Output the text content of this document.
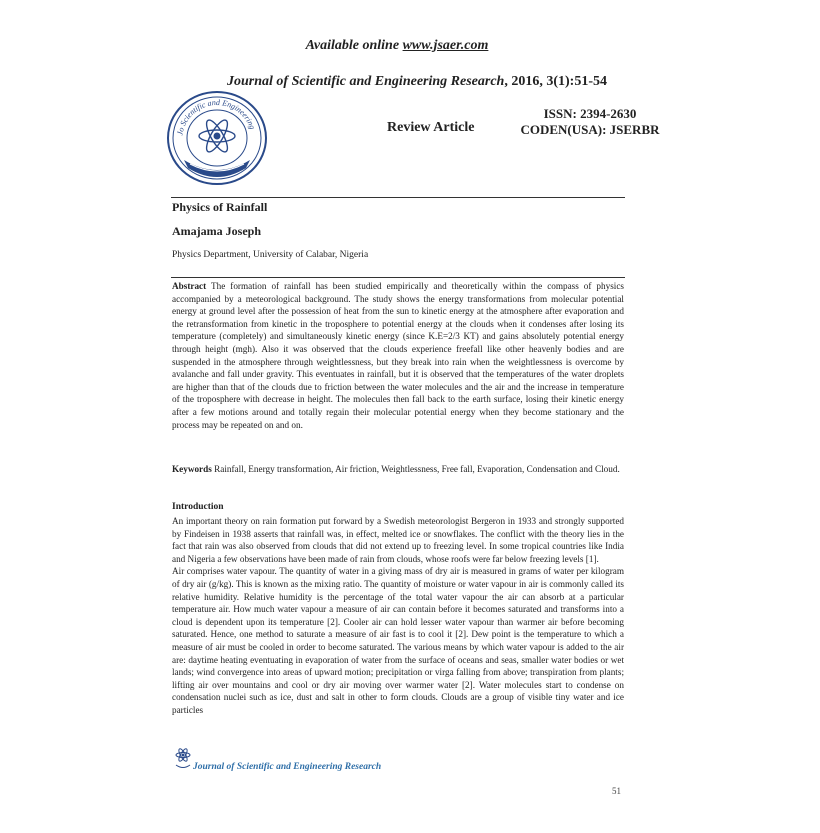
Available online www.jsaer.com
Journal of Scientific and Engineering Research, 2016, 3(1):51-54
Jo Scientific and Engineering	Review Article
ISSN: 2394-2630
CODEN(USA): JSERBR
Physics of Rainfall
Amajama Joseph
Physics Department, University of Calabar, Nigeria
Abstract The formation of rainfall has been studied empirically and theoretically within the compass of physics accompanied by a meteorological background. The study shows the energy transformations from molecular potential energy at ground level after the possession of heat from the sun to kinetic energy at the atmosphere after evaporation and the retransformation from kinetic in the troposphere to potential energy at the clouds when it condenses after losing its temperature (completely) and simultaneously kinetic energy (since K.E=2/3 KT) and gains absolutely potential energy through height (mgh). Also it was observed that the clouds experience freefall like other heavenly bodies and are suspended in the atmosphere through weightlessness, but they break into rain when the weightlessness is overcome by avalanche and fall under gravity. This eventuates in rainfall, but it is observed that the temperatures of the water droplets are higher than that of the clouds due to friction between the water molecules and the air and the increase in temperature of the troposphere with decrease in height. The molecules then fall back to the earth surface, losing their kinetic energy after a few motions around and totally regain their molecular potential energy when they become stationary and the process may be repeated on and on.
Keywords Rainfall, Energy transformation, Air friction, Weightlessness, Free fall, Evaporation, Condensation and Cloud.
Introduction

An important theory on rain formation put forward by a Swedish meteorologist Bergeron in 1933 and strongly supported by Findeisen in 1938 asserts that rainfall was, in effect, melted ice or snowflakes. The conflict with the theory lies in the fact that rain was also observed from clouds that did not extend up to freezing level. In some tropical countries like India and Nigeria a few observations have been made of rain from clouds, whose roofs were far below freezing levels [1].

Air comprises water vapour. The quantity of water in a giving mass of dry air is measured in grams of water per kilogram of dry air (g/kg). This is known as the mixing ratio. The quantity of moisture or water vapour in air is commonly called its relative humidity. Relative humidity is the percentage of the total water vapour the air can absorb at a particular temperature air. How much water vapour a measure of air can contain before it becomes saturated and transforms into a cloud is dependent upon its temperature [2]. Cooler air can hold lesser water vapour than warmer air before becoming saturated. Hence, one method to saturate a measure of air fast is to cool it [2]. Dew point is the temperature to which a measure of air must be cooled in order to become saturated. The various means by which water vapour is added to the air are: daytime heating eventuating in evaporation of water from the surface of oceans and seas, smaller water bodies or wet lands; wind convergence into areas of upward motion; precipitation or virga falling from above; transpiration from plants; lifting air over mountains and cool or dry air moving over warmer water [2]. Water molecules start to condense on condensation nuclei such as ice, dust and salt in other to form clouds. Clouds are a group of visible tiny water and ice particles

Journal of Scientific and Engineering Research
51
